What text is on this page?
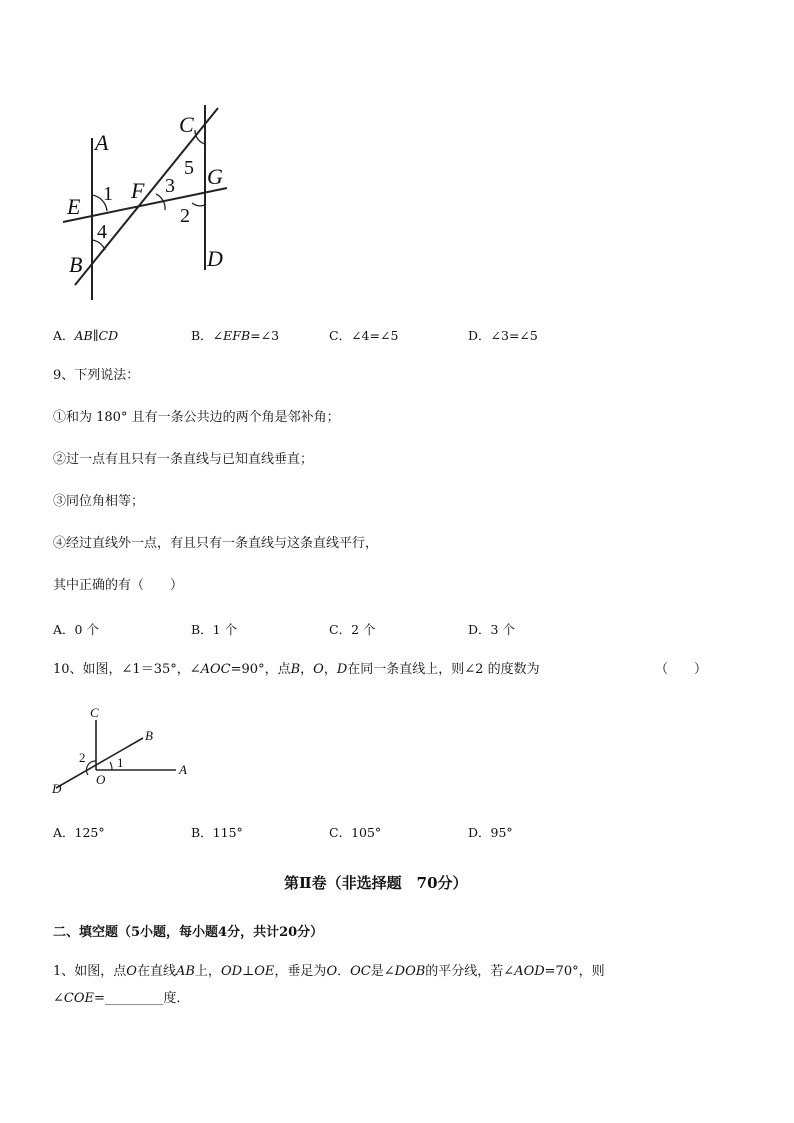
A
B
C
D
E
F
G
1
2
3
4
5
A．AB∥CD	B．∠EFB=∠3	C．∠4=∠5	D．∠3=∠5
9、下列说法：
①和为 180° 且有一条公共边的两个角是邻补角；
②过一点有且只有一条直线与已知直线垂直；
③同位角相等；
④经过直线外一点，有且只有一条直线与这条直线平行，
其中正确的有（　　）
A．0 个	B．1 个	C．2 个	D．3 个
10、如图，∠1＝35°，∠AOC=90°，点B，O，D在同一条直线上，则∠2 的度数为	（　　）
C
B
A
D
O
1
2
A．125°	B．115°	C．105°	D．95°
第Ⅱ卷（非选择题　70分）
二、填空题（5小题，每小题4分，共计20分）
1、如图，点O在直线AB上，OD⊥OE，垂足为O．OC是∠DOB的平分线，若∠AOD=70°，则
∠COE=_________度．
